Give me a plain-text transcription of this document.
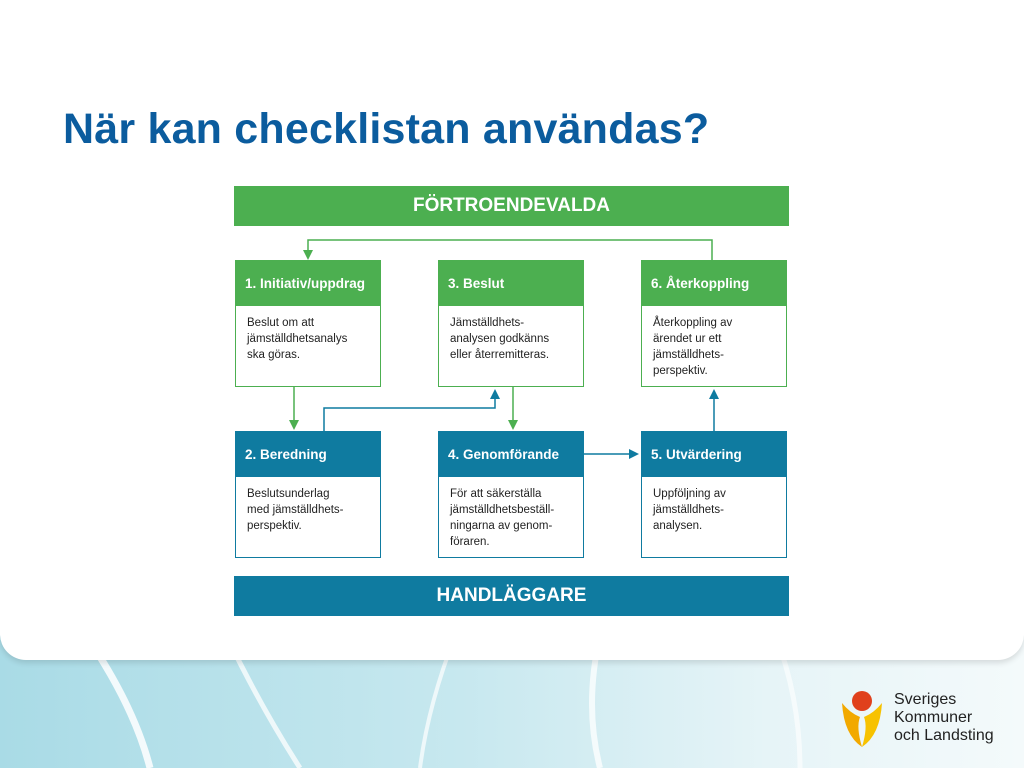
När kan checklistan användas?
FÖRTROENDEVALDA
1. Initiativ/uppdrag
Beslut om att
jämställdhetsanalys
ska göras.
3. Beslut
Jämställdhets-
analysen godkänns
eller återremitteras.
6. Återkoppling
Återkoppling av
ärendet ur ett
jämställdhets-
perspektiv.
2. Beredning
Beslutsunderlag
med jämställdhets-
perspektiv.
4. Genomförande
För att säkerställa
jämställdhetsbeställ-
ningarna av genom-
föraren.
5. Utvärdering
Uppföljning av
jämställdhets-
analysen.
HANDLÄGGARE
Sveriges
Kommuner
och Landsting
